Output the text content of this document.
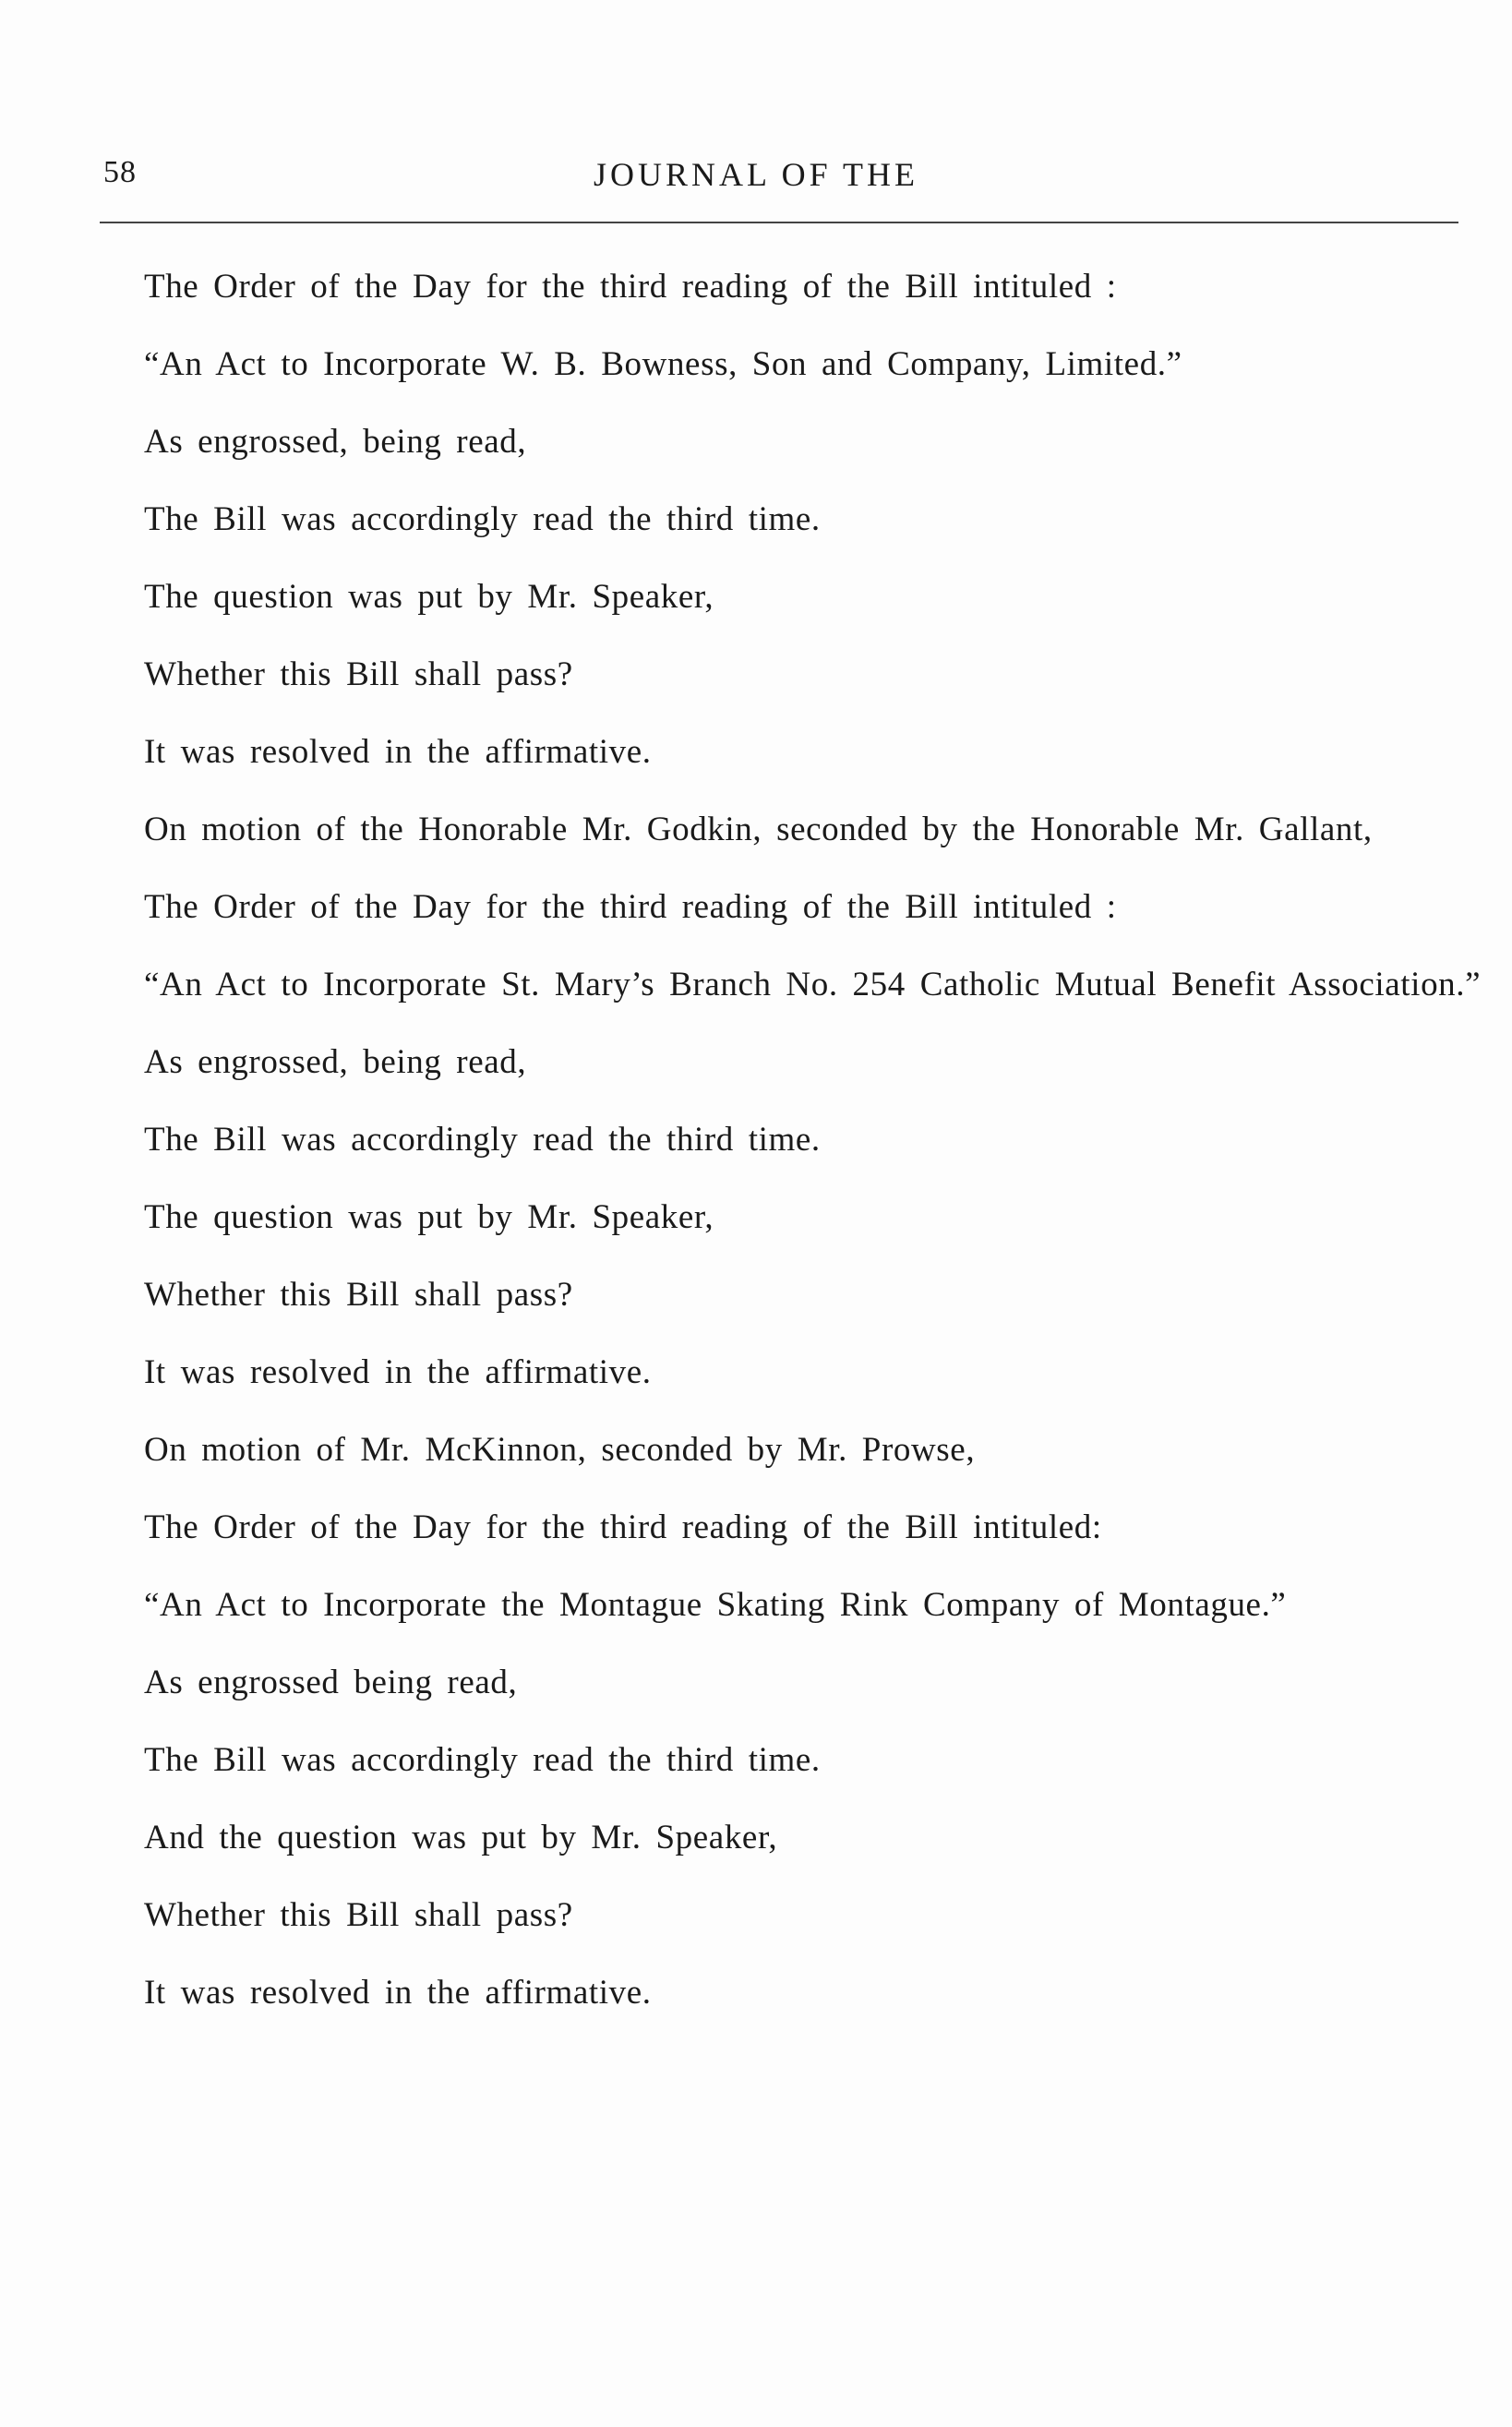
58	JOURNAL OF THE

The Order of the Day for the third reading of the Bill intituled :

“An Act to Incorporate W. B. Bowness, Son and Company, Limited.”

As engrossed, being read,

The Bill was accordingly read the third time.

The question was put by Mr. Speaker,

Whether this Bill shall pass?

It was resolved in the affirmative.

On motion of the Honorable Mr. Godkin, seconded by the Honorable Mr. Gallant,

The Order of the Day for the third reading of the Bill intituled :

“An Act to Incorporate St. Mary’s Branch No. 254 Catholic Mutual Benefit Association.”

As engrossed, being read,

The Bill was accordingly read the third time.

The question was put by Mr. Speaker,

Whether this Bill shall pass?

It was resolved in the affirmative.

On motion of Mr. McKinnon, seconded by Mr. Prowse,

The Order of the Day for the third reading of the Bill intituled:

“An Act to Incorporate the Montague Skating Rink Company of Montague.”

As engrossed being read,

The Bill was accordingly read the third time.

And the question was put by Mr. Speaker,

Whether this Bill shall pass?

It was resolved in the affirmative.
